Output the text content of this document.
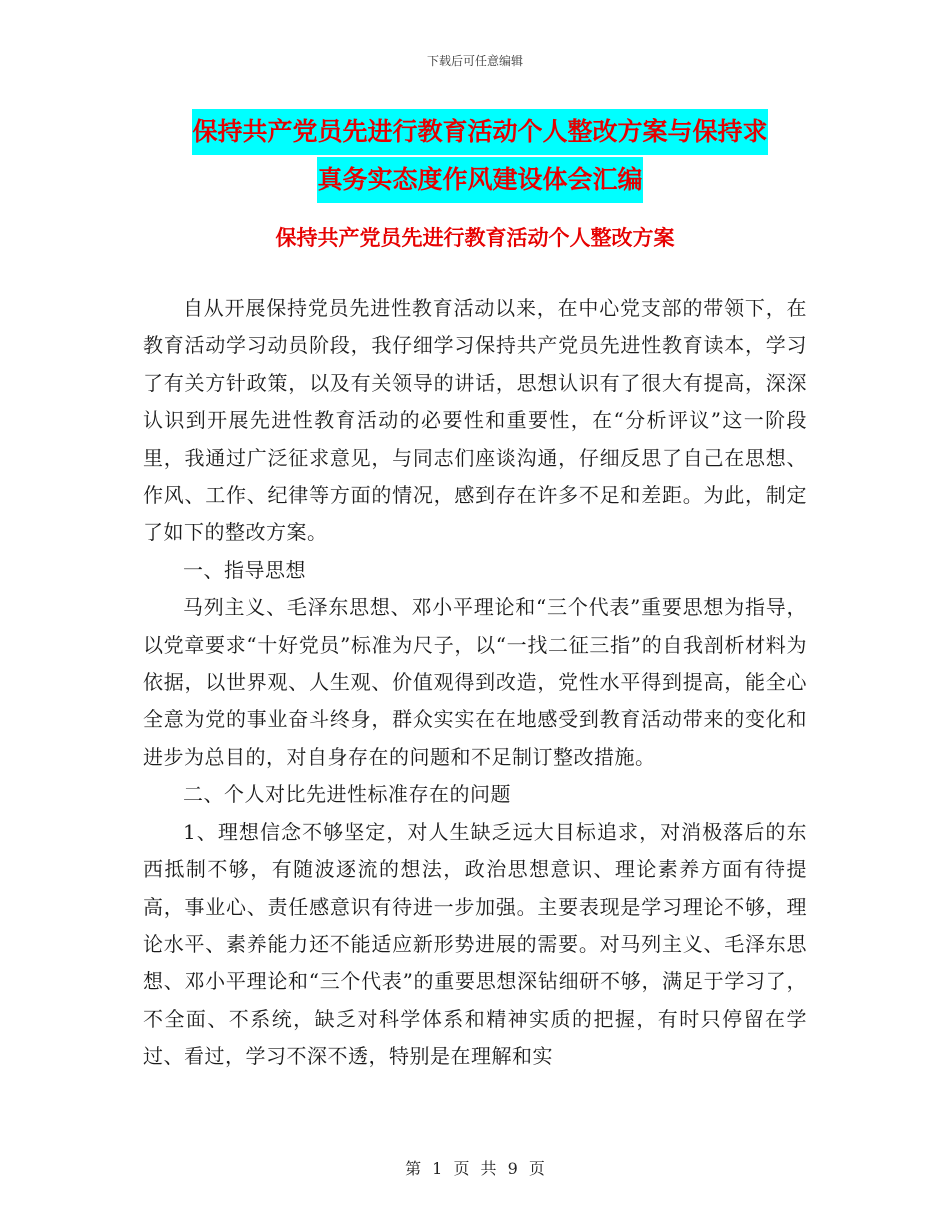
下载后可任意编辑
保持共产党员先进行教育活动个人整改方案与保持求
真务实态度作风建设体会汇编
保持共产党员先进行教育活动个人整改方案

自从开展保持党员先进性教育活动以来，在中心党支部的带领下，在教育活动学习动员阶段，我仔细学习保持共产党员先进性教育读本，学习了有关方针政策，以及有关领导的讲话，思想认识有了很大有提高，深深认识到开展先进性教育活动的必要性和重要性，在“分析评议”这一阶段里，我通过广泛征求意见，与同志们座谈沟通，仔细反思了自己在思想、作风、工作、纪律等方面的情况，感到存在许多不足和差距。为此，制定了如下的整改方案。

一、指导思想

马列主义、毛泽东思想、邓小平理论和“三个代表”重要思想为指导，以党章要求“十好党员”标准为尺子，以“一找二征三指”的自我剖析材料为依据，以世界观、人生观、价值观得到改造，党性水平得到提高，能全心全意为党的事业奋斗终身，群众实实在在地感受到教育活动带来的变化和进步为总目的，对自身存在的问题和不足制订整改措施。

二、个人对比先进性标准存在的问题

1、理想信念不够坚定，对人生缺乏远大目标追求，对消极落后的东西抵制不够，有随波逐流的想法，政治思想意识、理论素养方面有待提高，事业心、责任感意识有待进一步加强。主要表现是学习理论不够，理论水平、素养能力还不能适应新形势进展的需要。对马列主义、毛泽东思想、邓小平理论和“三个代表”的重要思想深钻细研不够，满足于学习了，不全面、不系统，缺乏对科学体系和精神实质的把握，有时只停留在学过、看过，学习不深不透，特别是在理解和实

第 1 页 共 9 页
